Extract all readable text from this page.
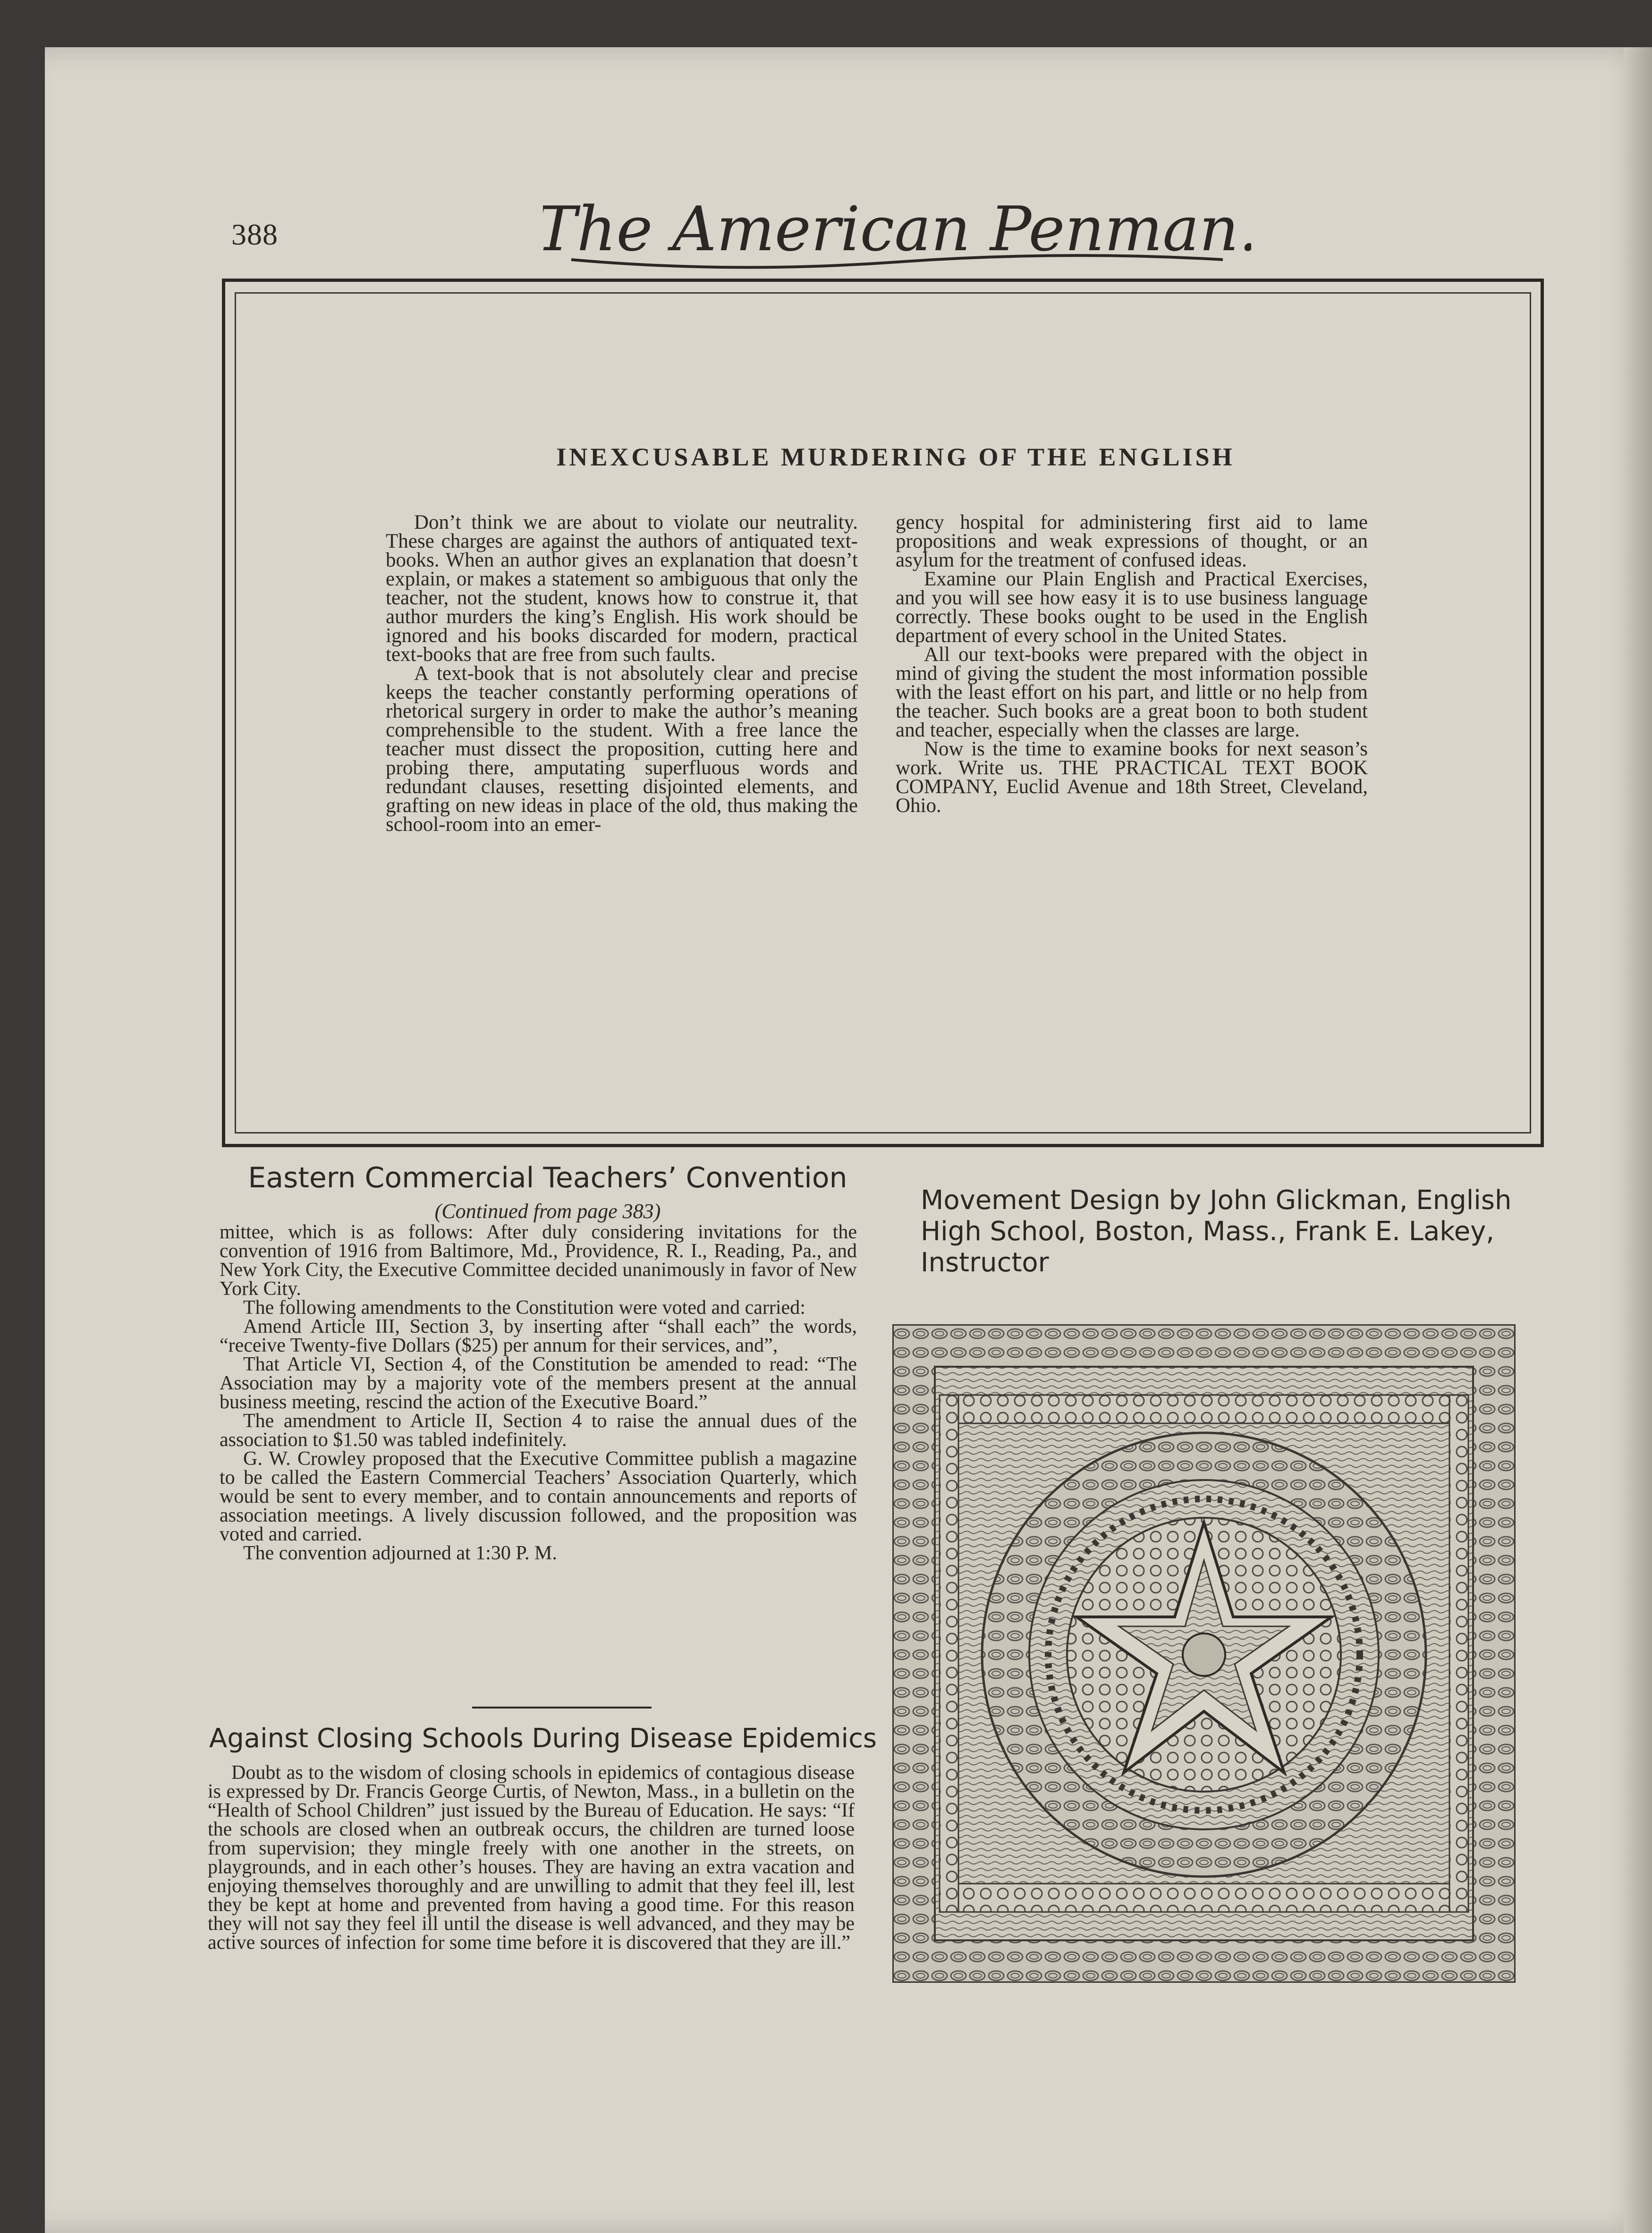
388	The American Penman.
INEXCUSABLE MURDERING OF THE ENGLISH

Don’t think we are about to violate our neutrality. These charges are against the authors of antiquated text-books. When an author gives an explanation that doesn’t explain, or makes a statement so ambiguous that only the teacher, not the student, knows how to construe it, that author murders the king’s English. His work should be ignored and his books discarded for modern, practical text-books that are free from such faults.

A text-book that is not absolutely clear and precise keeps the teacher constantly performing operations of rhetorical surgery in order to make the author’s meaning comprehensible to the student. With a free lance the teacher must dissect the proposition, cutting here and probing there, amputating superfluous words and redundant clauses, resetting disjointed elements, and grafting on new ideas in place of the old, thus making the school-room into an emer-

gency hospital for administering first aid to lame propositions and weak expressions of thought, or an asylum for the treatment of confused ideas.

Examine our Plain English and Practical Exercises, and you will see how easy it is to use business language correctly. These books ought to be used in the English department of every school in the United States.

All our text-books were prepared with the object in mind of giving the student the most information possible with the least effort on his part, and little or no help from the teacher. Such books are a great boon to both student and teacher, especially when the classes are large.

Now is the time to examine books for next season’s work. Write us. THE PRACTICAL TEXT BOOK COMPANY, Euclid Avenue and 18th Street, Cleveland, Ohio.

Eastern Commercial Teachers’ Convention
(Continued from page 383)

mittee, which is as follows: After duly considering invitations for the convention of 1916 from Baltimore, Md., Providence, R. I., Reading, Pa., and New York City, the Executive Committee decided unanimously in favor of New York City.

The following amendments to the Constitution were voted and carried:

Amend Article III, Section 3, by inserting after “shall each” the words, “receive Twenty-five Dollars ($25) per annum for their services, and”,

That Article VI, Section 4, of the Constitution be amended to read: “The Association may by a majority vote of the members present at the annual business meeting, rescind the action of the Executive Board.”

The amendment to Article II, Section 4 to raise the annual dues of the association to $1.50 was tabled indefinitely.

G. W. Crowley proposed that the Executive Committee publish a magazine to be called the Eastern Commercial Teachers’ Association Quarterly, which would be sent to every member, and to contain announcements and reports of association meetings. A lively discussion followed, and the proposition was voted and carried.

The convention adjourned at 1:30 P. M.

Against Closing Schools During Disease Epidemics

Doubt as to the wisdom of closing schools in epidemics of contagious disease is expressed by Dr. Francis George Curtis, of Newton, Mass., in a bulletin on the “Health of School Children” just issued by the Bureau of Education. He says: “If the schools are closed when an outbreak occurs, the children are turned loose from supervision; they mingle freely with one another in the streets, on playgrounds, and in each other’s houses. They are having an extra vacation and enjoying themselves thoroughly and are unwilling to admit that they feel ill, lest they be kept at home and prevented from having a good time. For this reason they will not say they feel ill until the disease is well advanced, and they may be active sources of infection for some time before it is discovered that they are ill.”

Movement Design by John Glickman, English High School, Boston, Mass., Frank E. Lakey, Instructor
